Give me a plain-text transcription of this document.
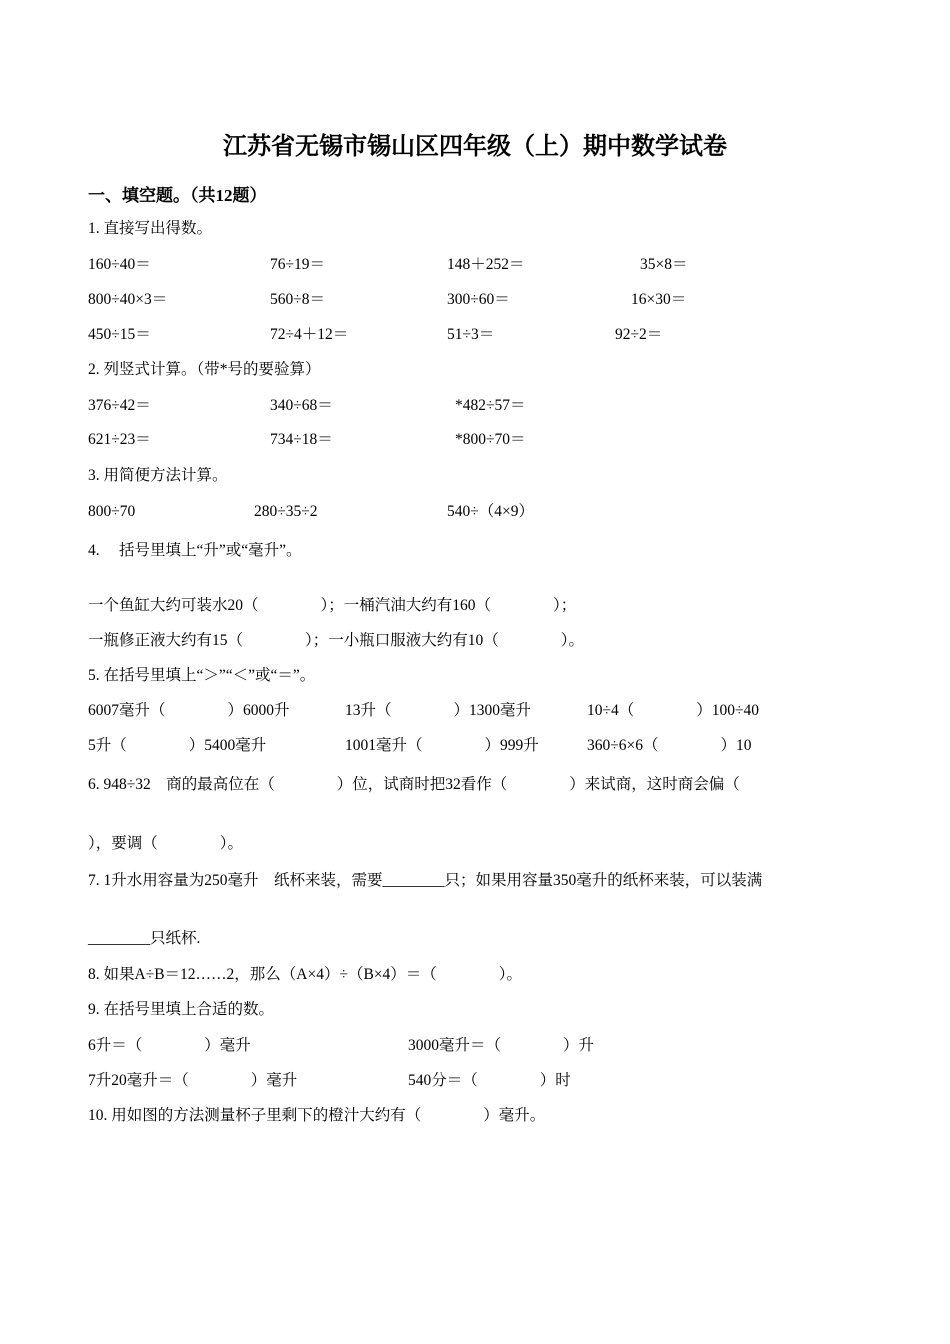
江苏省无锡市锡山区四年级（上）期中数学试卷
一、填空题。（共12题）
1. 直接写出得数。
160÷40＝	76÷19＝	148＋252＝	35×8＝
800÷40×3＝	560÷8＝	300÷60＝	16×30＝
450÷15＝	72÷4＋12＝	51÷3＝	92÷2＝
2. 列竖式计算。（带*号的要验算）
376÷42＝	340÷68＝	*482÷57＝
621÷23＝	734÷18＝	*800÷70＝
3. 用简便方法计算。
800÷70	280÷35÷2	540÷（4×9）
4.　 括号里填上“升”或“毫升”。
一个鱼缸大约可装水20（　　　　）；一桶汽油大约有160（　　　　）；
一瓶修正液大约有15（　　　　）；一小瓶口服液大约有10（　　　　）。
5. 在括号里填上“＞”“＜”或“＝”。
6007毫升（　　　　）6000升	13升（　　　　）1300毫升	10÷4（　　　　）100÷40
5升（　　　　）5400毫升	1001毫升（　　　　）999升	360÷6×6（　　　　）10
6. 948÷32　商的最高位在（　　　　）位，试商时把32看作（　　　　）来试商，这时商会偏（
），要调（　　　　）。
7. 1升水用容量为250毫升　纸杯来装，需要________只；如果用容量350毫升的纸杯来装，可以装满
________只纸杯.
8. 如果A÷B＝12……2，那么（A×4）÷（B×4）＝（　　　　）。
9. 在括号里填上合适的数。
6升＝（　　　　）毫升	3000毫升＝（　　　　）升
7升20毫升＝（　　　　）毫升	540分＝（　　　　）时
10. 用如图的方法测量杯子里剩下的橙汁大约有（　　　　）毫升。
